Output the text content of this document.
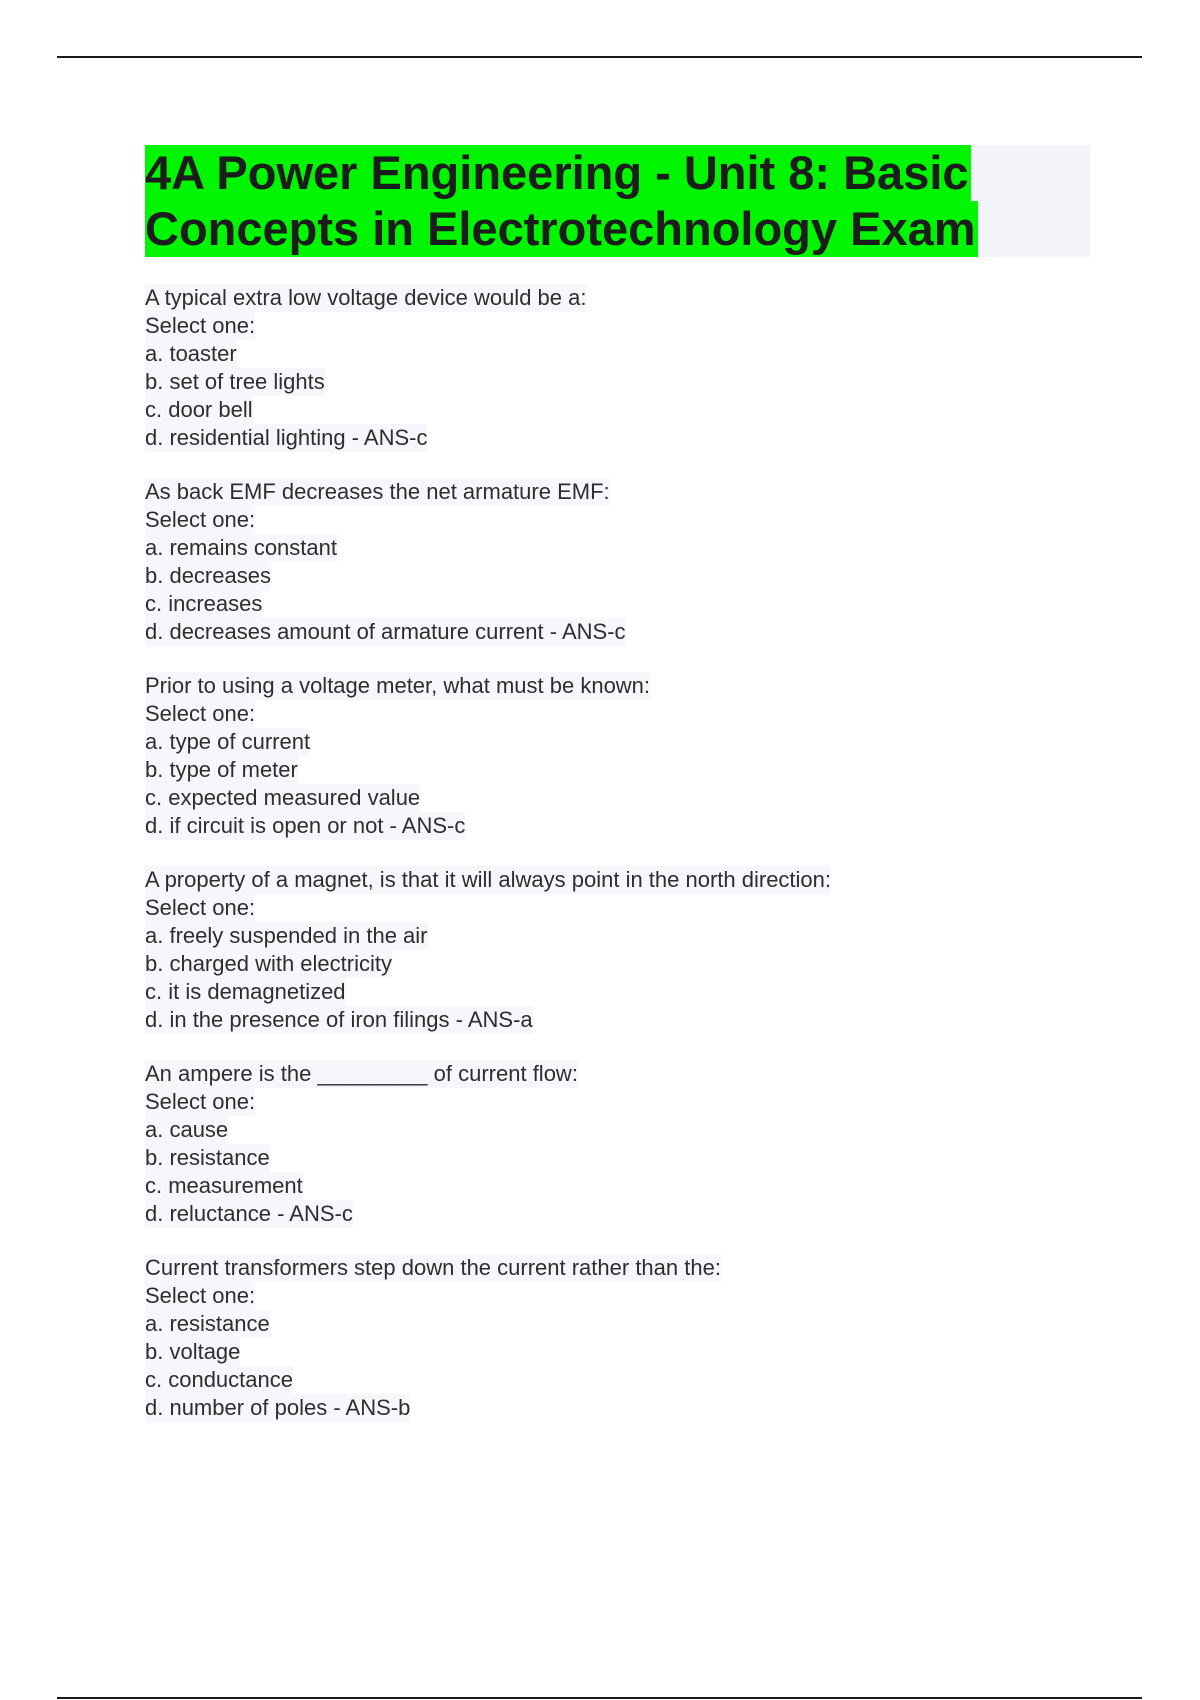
4A Power Engineering - Unit 8: Basic
Concepts in Electrotechnology Exam
A typical extra low voltage device would be a:
Select one:
a. toaster
b. set of tree lights
c. door bell
d. residential lighting - ANS-c
As back EMF decreases the net armature EMF:
Select one:
a. remains constant
b. decreases
c. increases
d. decreases amount of armature current - ANS-c
Prior to using a voltage meter, what must be known:
Select one:
a. type of current
b. type of meter
c. expected measured value
d. if circuit is open or not - ANS-c
A property of a magnet, is that it will always point in the north direction:
Select one:
a. freely suspended in the air
b. charged with electricity
c. it is demagnetized
d. in the presence of iron filings - ANS-a
An ampere is the _________ of current flow:
Select one:
a. cause
b. resistance
c. measurement
d. reluctance - ANS-c
Current transformers step down the current rather than the:
Select one:
a. resistance
b. voltage
c. conductance
d. number of poles - ANS-b
